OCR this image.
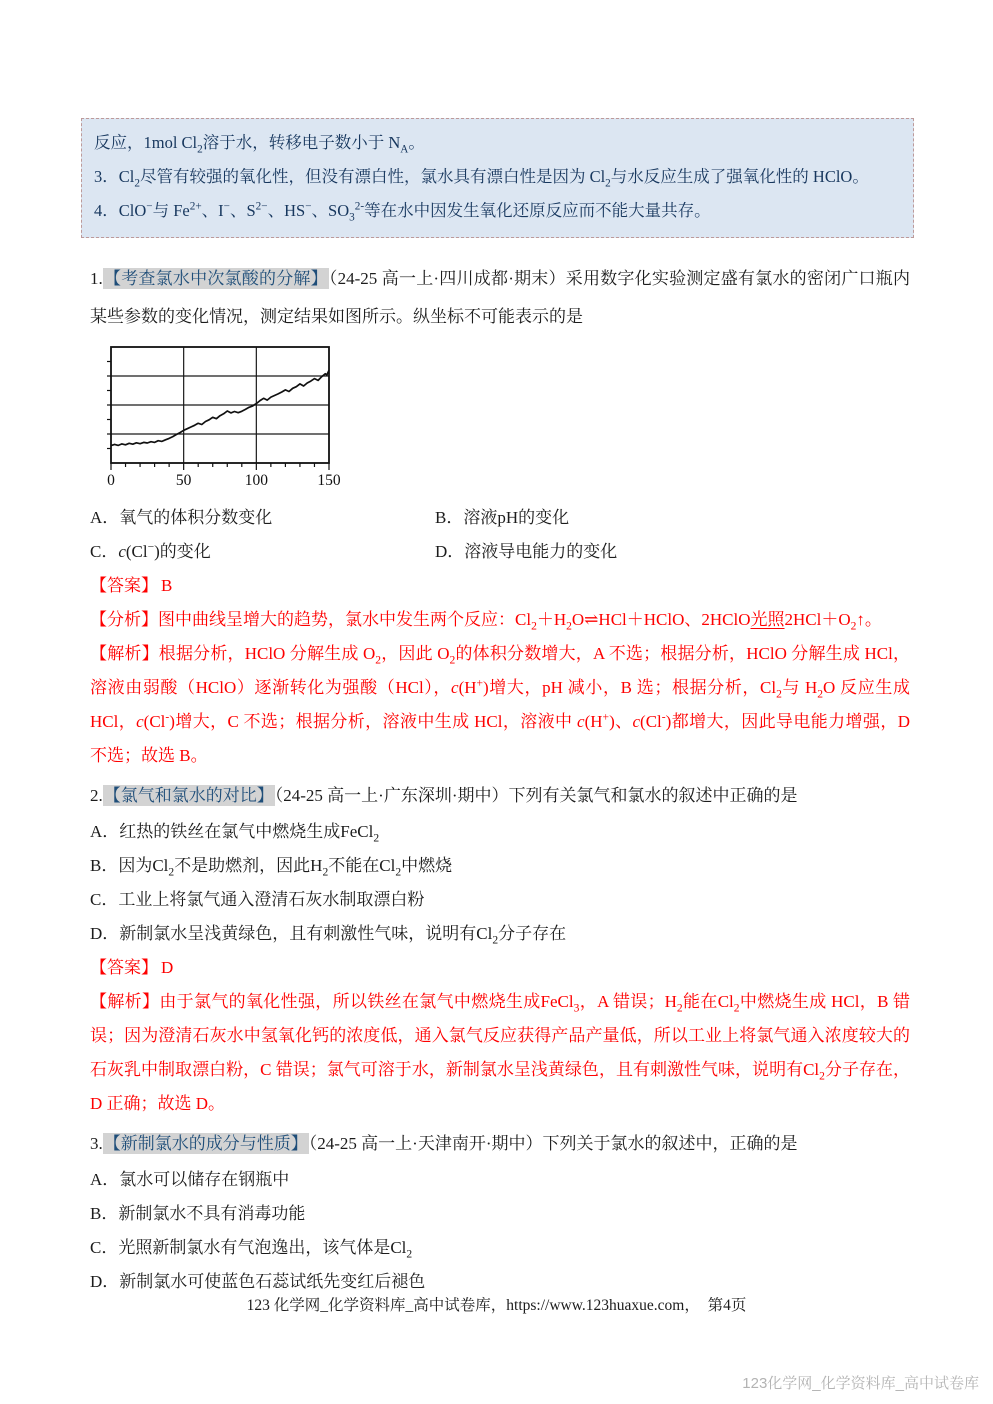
反应，1mol $Cl_2$溶于水，转移电子数小于 $N_A$。

3．$Cl_2$尽管有较强的氧化性，但没有漂白性，氯水具有漂白性是因为 $Cl_2$与水反应生成了强氧化性的 HClO。

4．ClO−与 $Fe^{2+}$、I−、$S^{2-}$、HS−、$SO_3^{2-}$等在水中因发生氧化还原反应而不能大量共存。

1.【考查氯水中次氯酸的分解】（24-25 高一上·四川成都·期末）采用数字化实验测定盛有氯水的密闭广口瓶内某些参数的变化情况，测定结果如图所示。纵坐标不可能表示的是

0	50	100	150

A．氧气的体积分数变化	B．溶液pH的变化

C．c(Cl−)的变化	D．溶液导电能力的变化

【答案】 B

【分析】图中曲线呈增大的趋势，氯水中发生两个反应：$Cl_2+H_2O\rightleftharpoons HCl+HClO$、2HClO光照$2HCl+O_2↑$。

【解析】根据分析，HClO 分解生成 $O_2$，因此 $O_2$的体积分数增大，A 不选；根据分析，HClO 分解生成 HCl，溶液由弱酸（HClO）逐渐转化为强酸（HCl），c(H+)增大，pH 减小，B 选；根据分析，$Cl_2$与 $H_2O$ 反应生成 HCl，c(Cl-)增大，C 不选；根据分析，溶液中生成 HCl，溶液中 c(H+)、c(Cl-)都增大，因此导电能力增强，D 不选；故选 B。

2.【氯气和氯水的对比】（24-25 高一上·广东深圳·期中）下列有关氯气和氯水的叙述中正确的是

A．红热的铁丝在氯气中燃烧生成FeCl$_2$

B．因为$Cl_2$不是助燃剂，因此$H_2$不能在$Cl_2$中燃烧

C．工业上将氯气通入澄清石灰水制取漂白粉

D．新制氯水呈浅黄绿色，且有刺激性气味，说明有$Cl_2$分子存在

【答案】 D

【解析】由于氯气的氧化性强，所以铁丝在氯气中燃烧生成FeCl$_3$，A 错误；$H_2$能在$Cl_2$中燃烧生成 HCl，B 错误；因为澄清石灰水中氢氧化钙的浓度低，通入氯气反应获得产品产量低，所以工业上将氯气通入浓度较大的石灰乳中制取漂白粉，C 错误；氯气可溶于水，新制氯水呈浅黄绿色，且有刺激性气味，说明有$Cl_2$分子存在，D 正确；故选 D。

3.【新制氯水的成分与性质】（24-25 高一上·天津南开·期中）下列关于氯水的叙述中，正确的是

A．氯水可以储存在钢瓶中

B．新制氯水不具有消毒功能

C．光照新制氯水有气泡逸出，该气体是$Cl_2$

D．新制氯水可使蓝色石蕊试纸先变红后褪色

123 化学网_化学资料库_高中试卷库，https://www.123huaxue.com，　第4页
123化学网_化学资料库_高中试卷库
